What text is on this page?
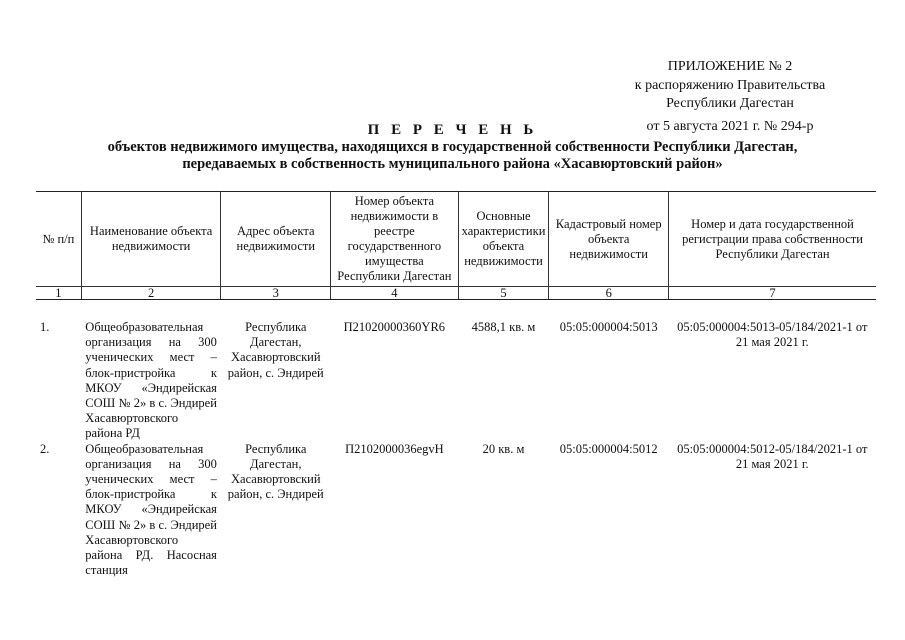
ПРИЛОЖЕНИЕ № 2
к распоряжению Правительства
Республики Дагестан
от 5 августа 2021 г. № 294-р
П Е Р Е Ч Е Н Ь
объектов недвижимого имущества, находящихся в государственной собственности Республики Дагестан,
передаваемых в собственность муниципального района «Хасавюртовский район»
№ п/п	Наименование объекта недвижимости	Адрес объекта недвижимости	Номер объекта недвижимости в реестре государственного имущества Республики Дагестан	Основные характеристики объекта недвижимости	Кадастровый номер объекта недвижимости	Номер и дата государственной регистрации права собственности Республики Дагестан
1	2	3	4	5	6	7

1.	Общеобразовательная организация на 300 ученических мест – блок-пристройка к МКОУ «Эндирейская СОШ № 2» в с. Эндирей Хасавюртовского района РД	Республика Дагестан, Хасавюртовский район, с. Эндирей	П21020000360YR6	4588,1 кв. м	05:05:000004:5013	05:05:000004:5013-05/184/2021-1 от 21 мая 2021 г.
2.	Общеобразовательная организация на 300 ученических мест – блок-пристройка к МКОУ «Эндирейская СОШ № 2» в с. Эндирей Хасавюртовского района РД. Насосная станция	Республика Дагестан, Хасавюртовский район, с. Эндирей	П2102000036egvH	20 кв. м	05:05:000004:5012	05:05:000004:5012-05/184/2021-1 от 21 мая 2021 г.
